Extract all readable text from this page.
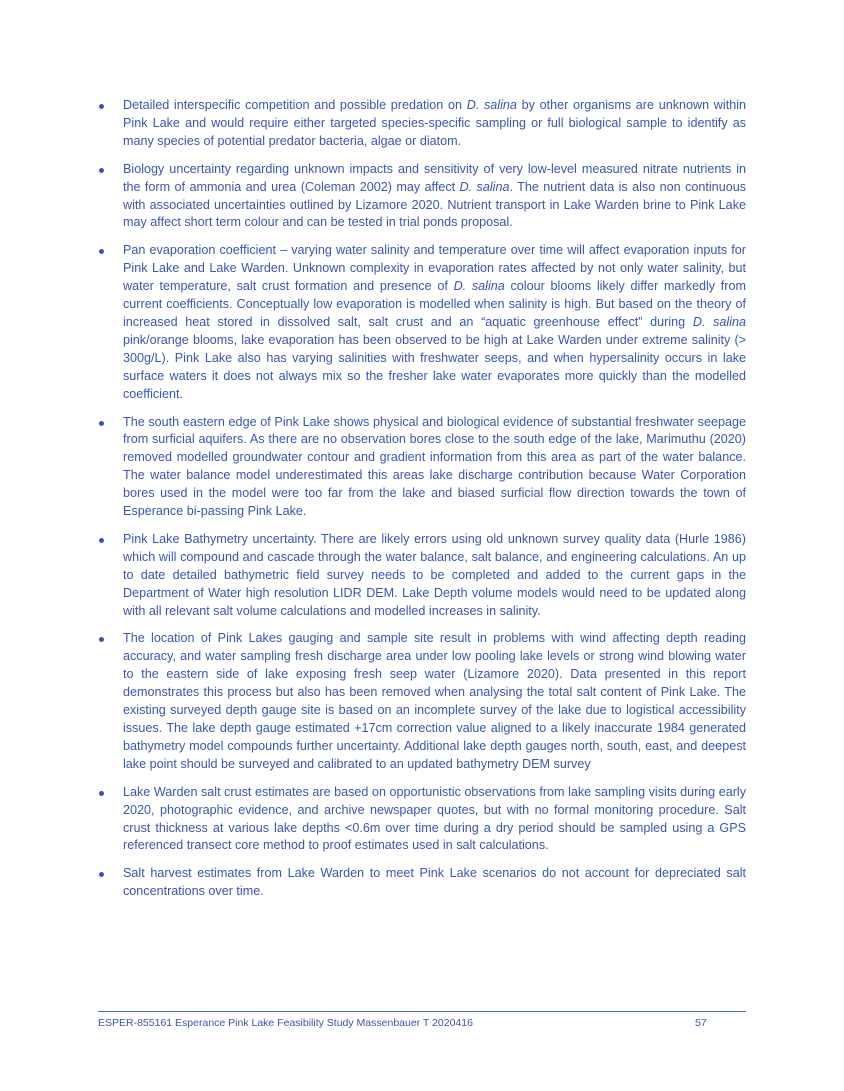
Detailed interspecific competition and possible predation on D. salina by other organisms are unknown within Pink Lake and would require either targeted species-specific sampling or full biological sample to identify as many species of potential predator bacteria, algae or diatom.
Biology uncertainty regarding unknown impacts and sensitivity of very low-level measured nitrate nutrients in the form of ammonia and urea (Coleman 2002) may affect D. salina. The nutrient data is also non continuous with associated uncertainties outlined by Lizamore 2020. Nutrient transport in Lake Warden brine to Pink Lake may affect short term colour and can be tested in trial ponds proposal.
Pan evaporation coefficient – varying water salinity and temperature over time will affect evaporation inputs for Pink Lake and Lake Warden. Unknown complexity in evaporation rates affected by not only water salinity, but water temperature, salt crust formation and presence of D. salina colour blooms likely differ markedly from current coefficients. Conceptually low evaporation is modelled when salinity is high. But based on the theory of increased heat stored in dissolved salt, salt crust and an “aquatic greenhouse effect” during D. salina pink/orange blooms, lake evaporation has been observed to be high at Lake Warden under extreme salinity (> 300g/L). Pink Lake also has varying salinities with freshwater seeps, and when hypersalinity occurs in lake surface waters it does not always mix so the fresher lake water evaporates more quickly than the modelled coefficient.
The south eastern edge of Pink Lake shows physical and biological evidence of substantial freshwater seepage from surficial aquifers. As there are no observation bores close to the south edge of the lake, Marimuthu (2020) removed modelled groundwater contour and gradient information from this area as part of the water balance. The water balance model underestimated this areas lake discharge contribution because Water Corporation bores used in the model were too far from the lake and biased surficial flow direction towards the town of Esperance bi-passing Pink Lake.
Pink Lake Bathymetry uncertainty. There are likely errors using old unknown survey quality data (Hurle 1986) which will compound and cascade through the water balance, salt balance, and engineering calculations. An up to date detailed bathymetric field survey needs to be completed and added to the current gaps in the Department of Water high resolution LIDR DEM. Lake Depth volume models would need to be updated along with all relevant salt volume calculations and modelled increases in salinity.
The location of Pink Lakes gauging and sample site result in problems with wind affecting depth reading accuracy, and water sampling fresh discharge area under low pooling lake levels or strong wind blowing water to the eastern side of lake exposing fresh seep water (Lizamore 2020). Data presented in this report demonstrates this process but also has been removed when analysing the total salt content of Pink Lake. The existing surveyed depth gauge site is based on an incomplete survey of the lake due to logistical accessibility issues. The lake depth gauge estimated +17cm correction value aligned to a likely inaccurate 1984 generated bathymetry model compounds further uncertainty. Additional lake depth gauges north, south, east, and deepest lake point should be surveyed and calibrated to an updated bathymetry DEM survey
Lake Warden salt crust estimates are based on opportunistic observations from lake sampling visits during early 2020, photographic evidence, and archive newspaper quotes, but with no formal monitoring procedure. Salt crust thickness at various lake depths <0.6m over time during a dry period should be sampled using a GPS referenced transect core method to proof estimates used in salt calculations.
Salt harvest estimates from Lake Warden to meet Pink Lake scenarios do not account for depreciated salt concentrations over time.
ESPER-855161 Esperance Pink Lake Feasibility Study Massenbauer T 2020416	57
